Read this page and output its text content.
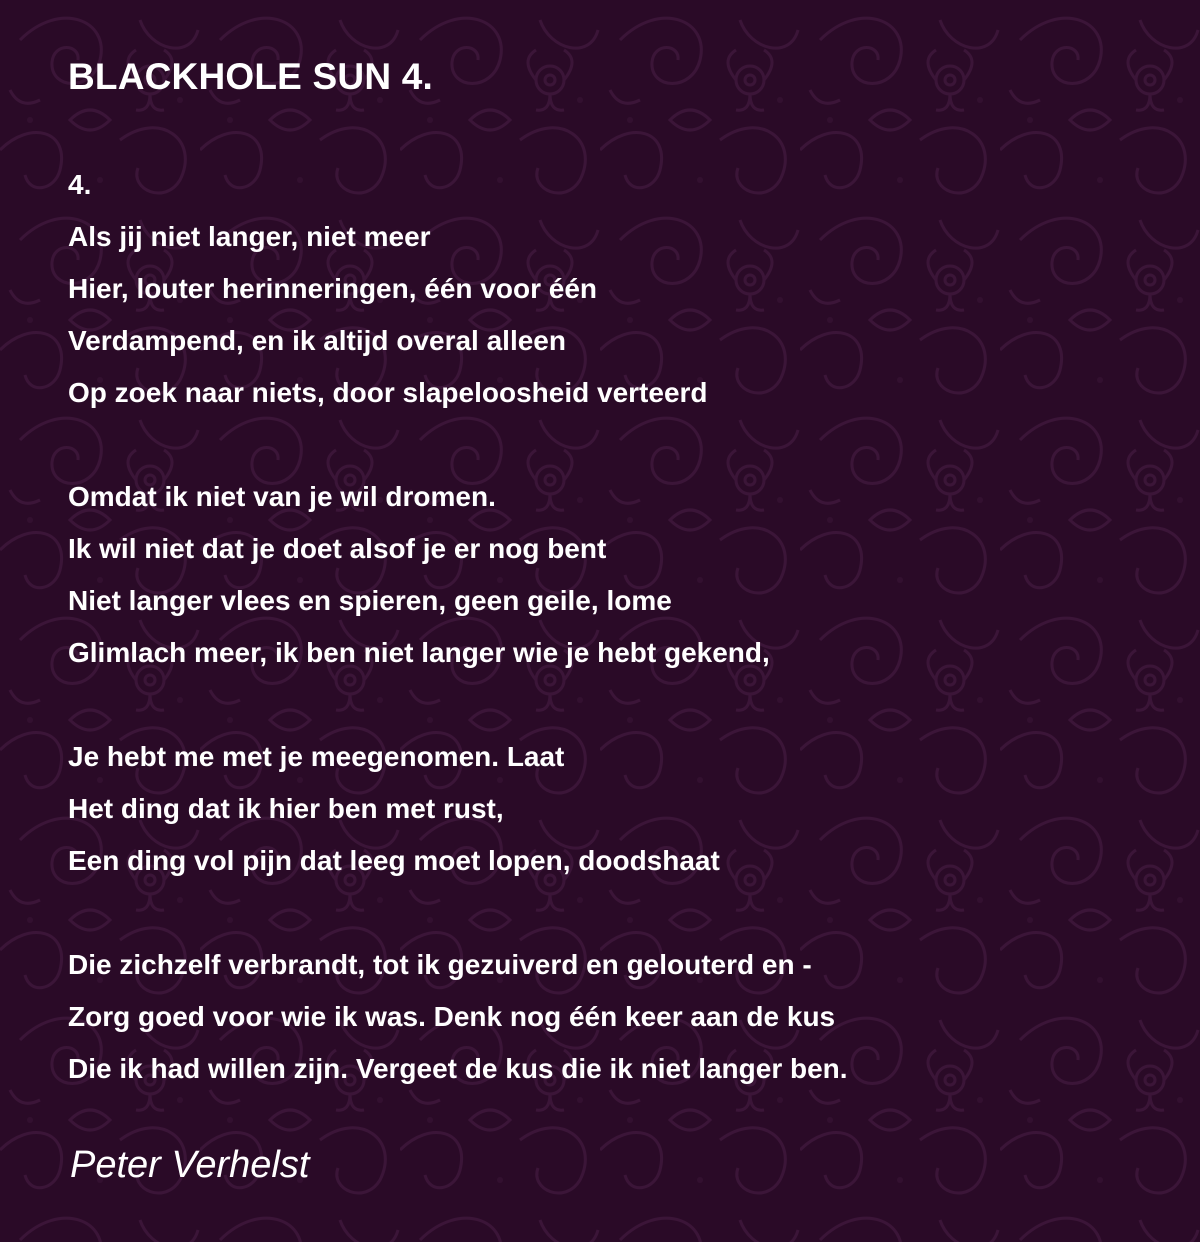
BLACKHOLE SUN 4.
4.
Als jij niet langer, niet meer
Hier, louter herinneringen, één voor één
Verdampend, en ik altijd overal alleen
Op zoek naar niets, door slapeloosheid verteerd
Omdat ik niet van je wil dromen.
Ik wil niet dat je doet alsof je er nog bent
Niet langer vlees en spieren, geen geile, lome
Glimlach meer, ik ben niet langer wie je hebt gekend,
Je hebt me met je meegenomen. Laat
Het ding dat ik hier ben met rust,
Een ding vol pijn dat leeg moet lopen, doodshaat
Die zichzelf verbrandt, tot ik gezuiverd en gelouterd en -
Zorg goed voor wie ik was. Denk nog één keer aan de kus
Die ik had willen zijn. Vergeet de kus die ik niet langer ben.
Peter Verhelst
